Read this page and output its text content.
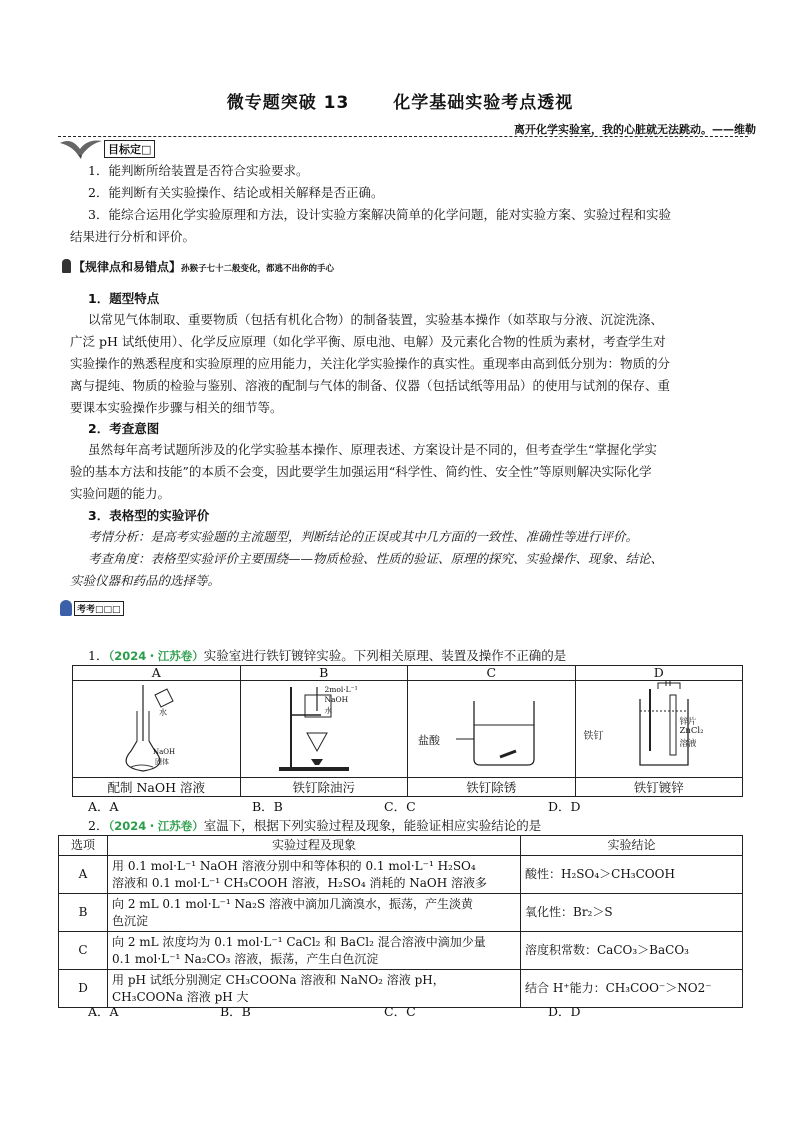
微专题突破 13	化学基础实验考点透视
离开化学实验室，我的心脏就无法跳动。——维勒
目标定□
1．能判断所给装置是否符合实验要求。
2．能判断有关实验操作、结论或相关解释是否正确。
3．能综合运用化学实验原理和方法，设计实验方案解决简单的化学问题，能对实验方案、实验过程和实验
结果进行分析和评价。
【规律点和易错点】孙猴子七十二般变化，都逃不出你的手心
1．题型特点
以常见气体制取、重要物质（包括有机化合物）的制备装置，实验基本操作（如萃取与分液、沉淀洗涤、
广泛 pH 试纸使用）、化学反应原理（如化学平衡、原电池、电解）及元素化合物的性质为素材，考查学生对
实验操作的熟悉程度和实验原理的应用能力，关注化学实验操作的真实性。重现率由高到低分别为：物质的分
离与提纯、物质的检验与鉴别、溶液的配制与气体的制备、仪器（包括试纸等用品）的使用与试剂的保存、重
要课本实验操作步骤与相关的细节等。
2．考查意图
虽然每年高考试题所涉及的化学实验基本操作、原理表述、方案设计是不同的，但考查学生“掌握化学实
验的基本方法和技能”的本质不会变，因此要学生加强运用“科学性、简约性、安全性”等原则解决实际化学
实验问题的能力。
3．表格型的实验评价
考情分析：是高考实验题的主流题型，判断结论的正误或其中几方面的一致性、准确性等进行评价。
考查角度：表格型实验评价主要围绕——物质检验、性质的验证、原理的探究、实验操作、现象、结论、
实验仪器和药品的选择等。
考考□□□
1．（2024・江苏卷）实验室进行铁钉镀锌实验。下列相关原理、装置及操作不正确的是
A	B	C	D

水
NaOH
固体	2mol·L⁻¹
NaOH
水	盐酸	铁钉
锌片
ZnCl₂
溶液

配制 NaOH 溶液	铁钉除油污	铁钉除锈	铁钉镀锌
A．A	B．B	C．C	D．D
2．（2024・江苏卷）室温下，根据下列实验过程及现象，能验证相应实验结论的是
选项	实验过程及现象	实验结论
A	用 0.1 mol·L⁻¹ NaOH 溶液分别中和等体积的 0.1 mol·L⁻¹ H₂SO₄
溶液和 0.1 mol·L⁻¹ CH₃COOH 溶液，H₂SO₄ 消耗的 NaOH 溶液多	酸性：H₂SO₄＞CH₃COOH
B	向 2 mL 0.1 mol·L⁻¹ Na₂S 溶液中滴加几滴溴水，振荡，产生淡黄
色沉淀	氧化性：Br₂＞S
C	向 2 mL 浓度均为 0.1 mol·L⁻¹ CaCl₂ 和 BaCl₂ 混合溶液中滴加少量
0.1 mol·L⁻¹ Na₂CO₃ 溶液，振荡，产生白色沉淀	溶度积常数：CaCO₃＞BaCO₃
D	用 pH 试纸分别测定 CH₃COONa 溶液和 NaNO₂ 溶液 pH，
CH₃COONa 溶液 pH 大	结合 H⁺能力：CH₃COO⁻＞NO2⁻
A．A	B．B	C．C	D．D
